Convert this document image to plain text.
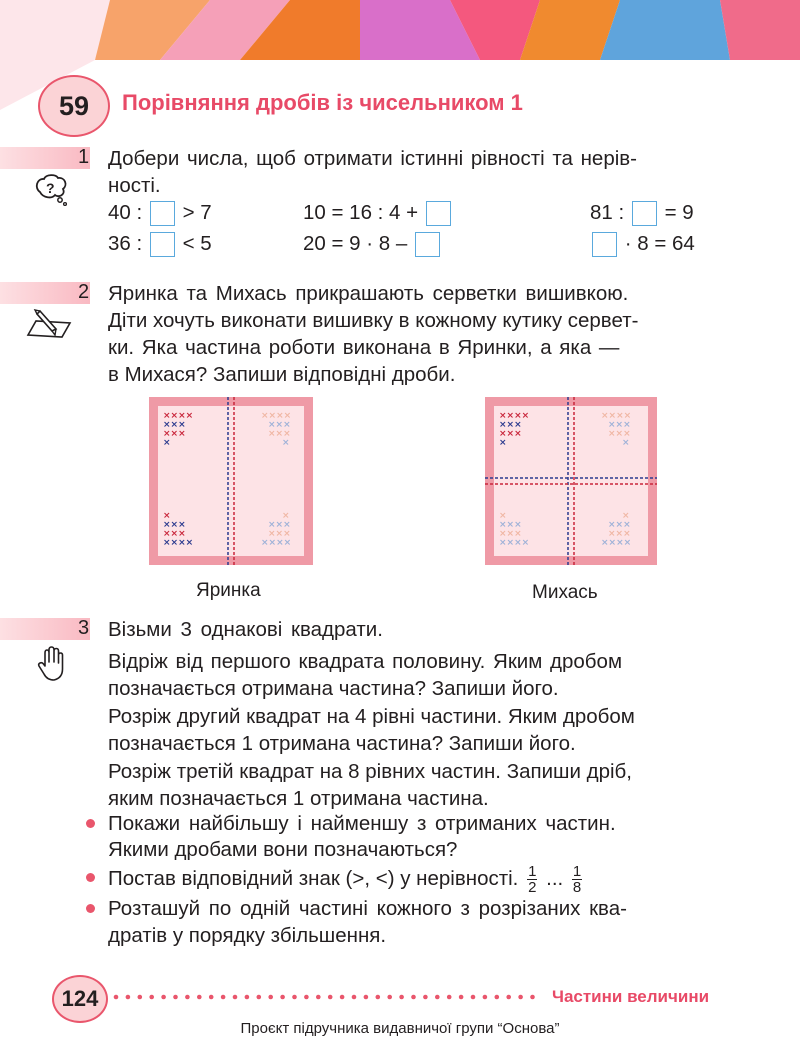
59	Порівняння дробів із чисельником 1
1
?
Добери числа, щоб отримати істинні рівності та нерів-
ності.
40 : > 7	10 = 16 : 4 +	81 : = 9
36 : < 5	20 = 9 · 8 –	· 8 = 64
2 Яринка та Михась прикрашають серветки вишивкою.
Діти хочуть виконати вишивку в кожному кутику сервет-
ки. Яка частина роботи виконана в Яринки, а яка —
в Михася? Запиши відповідні дроби.
××××
×××
×××
×
××××
×××
×××
×
×
×××
×××
××××
×
×××
×××
××××
××××
×××
×××
×
××××
×××
×××
×
×
×××
×××
××××
×
×××
×××
××××
Яринка	Михась
3 Візьми 3 однакові квадрати.
Відріж від першого квадрата половину. Яким дробом
позначається отримана частина? Запиши його.
Розріж другий квадрат на 4 рівні частини. Яким дробом
позначається 1 отримана частина? Запиши його.
Розріж третій квадрат на 8 рівних частин. Запиши дріб,
яким позначається 1 отримана частина.
Покажи найбільшу і найменшу з отриманих частин.
Якими дробами вони позначаються?
Постав відповідний знак (>, <) у нерівності. $\frac{1}{2}$ ... $\frac{1}{8}$
Розташуй по одній частині кожного з розрізаних ква-
дратів у порядку збільшення.
124	Частини величини
Проєкт підручника видавничої групи “Основа”
